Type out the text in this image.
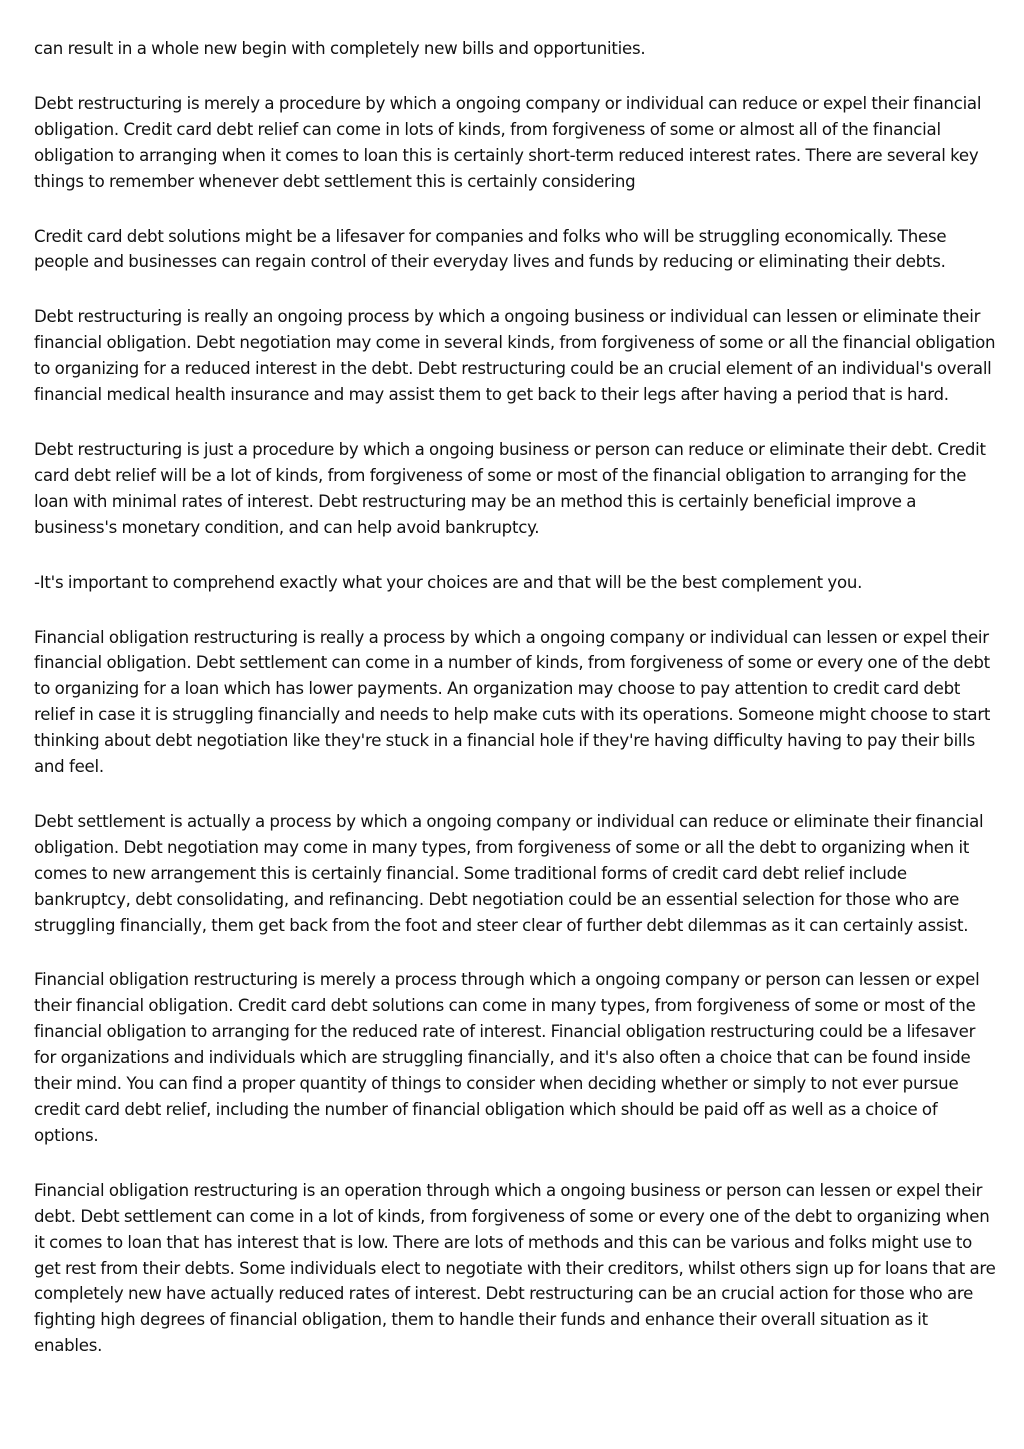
can result in a whole new begin with completely new bills and opportunities.

Debt restructuring is merely a procedure by which a ongoing company or individual can reduce or expel their financial obligation. Credit card debt relief can come in lots of kinds, from forgiveness of some or almost all of the financial obligation to arranging when it comes to loan this is certainly short-term reduced interest rates. There are several key things to remember whenever debt settlement this is certainly considering

Credit card debt solutions might be a lifesaver for companies and folks who will be struggling economically. These people and businesses can regain control of their everyday lives and funds by reducing or eliminating their debts.

Debt restructuring is really an ongoing process by which a ongoing business or individual can lessen or eliminate their financial obligation. Debt negotiation may come in several kinds, from forgiveness of some or all the financial obligation to organizing for a reduced interest in the debt. Debt restructuring could be an crucial element of an individual's overall financial medical health insurance and may assist them to get back to their legs after having a period that is hard.

Debt restructuring is just a procedure by which a ongoing business or person can reduce or eliminate their debt. Credit card debt relief will be a lot of kinds, from forgiveness of some or most of the financial obligation to arranging for the loan with minimal rates of interest. Debt restructuring may be an method this is certainly beneficial improve a business's monetary condition, and can help avoid bankruptcy.

-It's important to comprehend exactly what your choices are and that will be the best complement you.

Financial obligation restructuring is really a process by which a ongoing company or individual can lessen or expel their financial obligation. Debt settlement can come in a number of kinds, from forgiveness of some or every one of the debt to organizing for a loan which has lower payments. An organization may choose to pay attention to credit card debt relief in case it is struggling financially and needs to help make cuts with its operations. Someone might choose to start thinking about debt negotiation like they're stuck in a financial hole if they're having difficulty having to pay their bills and feel.

Debt settlement is actually a process by which a ongoing company or individual can reduce or eliminate their financial obligation. Debt negotiation may come in many types, from forgiveness of some or all the debt to organizing when it comes to new arrangement this is certainly financial. Some traditional forms of credit card debt relief include bankruptcy, debt consolidating, and refinancing. Debt negotiation could be an essential selection for those who are struggling financially, them get back from the foot and steer clear of further debt dilemmas as it can certainly assist.

Financial obligation restructuring is merely a process through which a ongoing company or person can lessen or expel their financial obligation. Credit card debt solutions can come in many types, from forgiveness of some or most of the financial obligation to arranging for the reduced rate of interest. Financial obligation restructuring could be a lifesaver for organizations and individuals which are struggling financially, and it's also often a choice that can be found inside their mind. You can find a proper quantity of things to consider when deciding whether or simply to not ever pursue credit card debt relief, including the number of financial obligation which should be paid off as well as a choice of options.

Financial obligation restructuring is an operation through which a ongoing business or person can lessen or expel their debt. Debt settlement can come in a lot of kinds, from forgiveness of some or every one of the debt to organizing when it comes to loan that has interest that is low. There are lots of methods and this can be various and folks might use to get rest from their debts. Some individuals elect to negotiate with their creditors, whilst others sign up for loans that are completely new have actually reduced rates of interest. Debt restructuring can be an crucial action for those who are fighting high degrees of financial obligation, them to handle their funds and enhance their overall situation as it enables.
